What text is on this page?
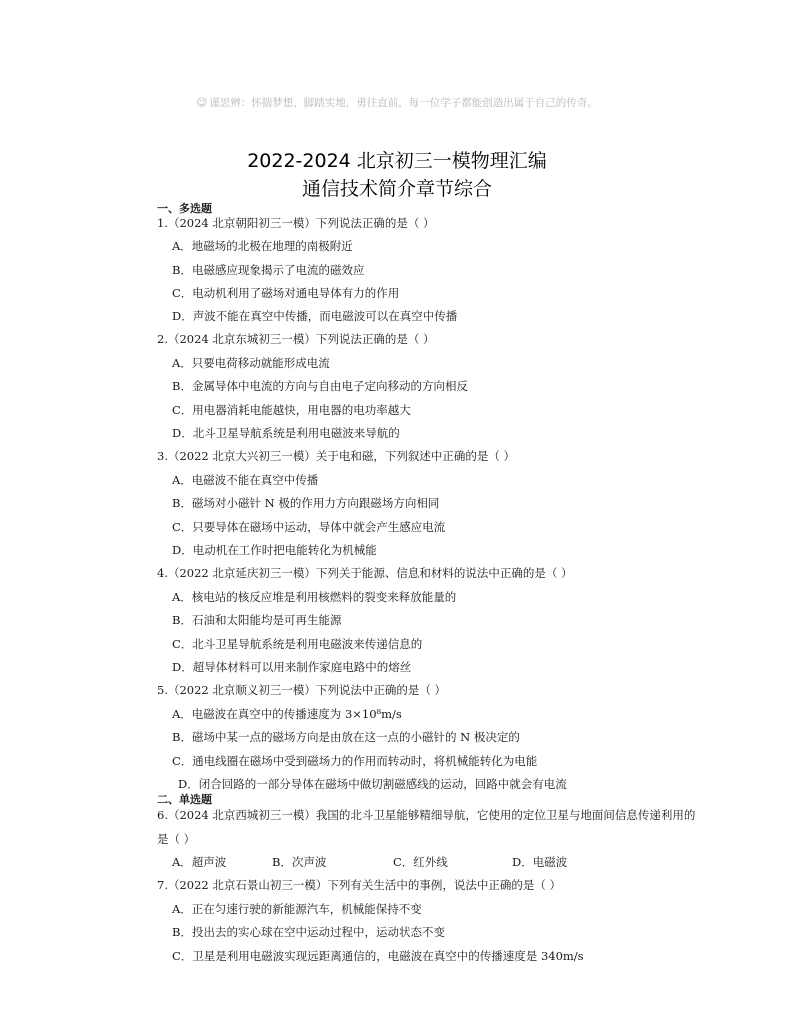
☺ 谨思辨：怀揣梦想，脚踏实地，勇往直前，每一位学子都能创造出属于自己的传奇。
2022-2024 北京初三一模物理汇编
通信技术简介章节综合
一、多选题
1.（2024 北京朝阳初三一模）下列说法正确的是（ ）
A．地磁场的北极在地理的南极附近
B．电磁感应现象揭示了电流的磁效应
C．电动机利用了磁场对通电导体有力的作用
D．声波不能在真空中传播，而电磁波可以在真空中传播
2.（2024 北京东城初三一模）下列说法正确的是（ ）
A．只要电荷移动就能形成电流
B．金属导体中电流的方向与自由电子定向移动的方向相反
C．用电器消耗电能越快，用电器的电功率越大
D．北斗卫星导航系统是利用电磁波来导航的
3.（2022 北京大兴初三一模）关于电和磁，下列叙述中正确的是（ ）
A．电磁波不能在真空中传播
B．磁场对小磁针 N 极的作用力方向跟磁场方向相同
C．只要导体在磁场中运动，导体中就会产生感应电流
D．电动机在工作时把电能转化为机械能
4.（2022 北京延庆初三一模）下列关于能源、信息和材料的说法中正确的是（ ）
A．核电站的核反应堆是利用核燃料的裂变来释放能量的
B．石油和太阳能均是可再生能源
C．北斗卫星导航系统是利用电磁波来传递信息的
D．超导体材料可以用来制作家庭电路中的熔丝
5.（2022 北京顺义初三一模）下列说法中正确的是（ ）
A．电磁波在真空中的传播速度为 3×10⁸m/s
B．磁场中某一点的磁场方向是由放在这一点的小磁针的 N 极决定的
C．通电线圈在磁场中受到磁场力的作用而转动时，将机械能转化为电能
D．闭合回路的一部分导体在磁场中做切割磁感线的运动，回路中就会有电流
二、单选题
6.（2024 北京西城初三一模）我国的北斗卫星能够精细导航，它使用的定位卫星与地面间信息传递利用的
是（ ）
A．超声波	B．次声波	C．红外线	D．电磁波
7.（2022 北京石景山初三一模）下列有关生活中的事例，说法中正确的是（ ）
A．正在匀速行驶的新能源汽车，机械能保持不变
B．投出去的实心球在空中运动过程中，运动状态不变
C．卫星是利用电磁波实现远距离通信的，电磁波在真空中的传播速度是 340m/s
